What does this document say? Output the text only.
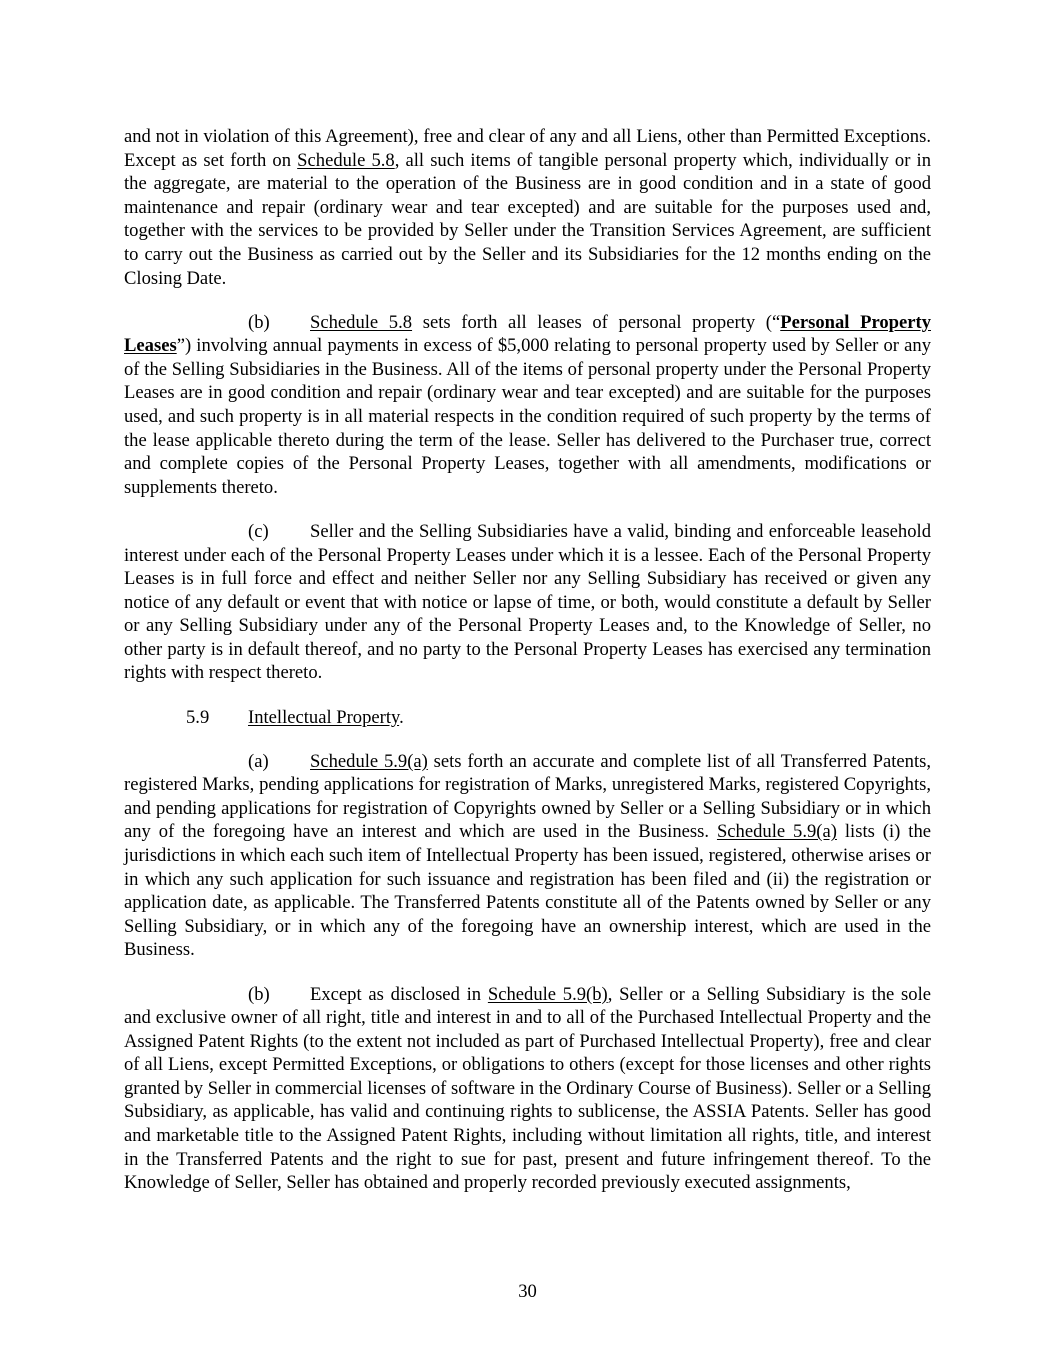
and not in violation of this Agreement), free and clear of any and all Liens, other than Permitted Exceptions. Except as set forth on Schedule 5.8, all such items of tangible personal property which, individually or in the aggregate, are material to the operation of the Business are in good condition and in a state of good maintenance and repair (ordinary wear and tear excepted) and are suitable for the purposes used and, together with the services to be provided by Seller under the Transition Services Agreement, are sufficient to carry out the Business as carried out by the Seller and its Subsidiaries for the 12 months ending on the Closing Date.

(b) Schedule 5.8 sets forth all leases of personal property (“Personal Property Leases”) involving annual payments in excess of $5,000 relating to personal property used by Seller or any of the Selling Subsidiaries in the Business. All of the items of personal property under the Personal Property Leases are in good condition and repair (ordinary wear and tear excepted) and are suitable for the purposes used, and such property is in all material respects in the condition required of such property by the terms of the lease applicable thereto during the term of the lease. Seller has delivered to the Purchaser true, correct and complete copies of the Personal Property Leases, together with all amendments, modifications or supplements thereto.

(c) Seller and the Selling Subsidiaries have a valid, binding and enforceable leasehold interest under each of the Personal Property Leases under which it is a lessee. Each of the Personal Property Leases is in full force and effect and neither Seller nor any Selling Subsidiary has received or given any notice of any default or event that with notice or lapse of time, or both, would constitute a default by Seller or any Selling Subsidiary under any of the Personal Property Leases and, to the Knowledge of Seller, no other party is in default thereof, and no party to the Personal Property Leases has exercised any termination rights with respect thereto.

5.9 Intellectual Property.

(a) Schedule 5.9(a) sets forth an accurate and complete list of all Transferred Patents, registered Marks, pending applications for registration of Marks, unregistered Marks, registered Copyrights, and pending applications for registration of Copyrights owned by Seller or a Selling Subsidiary or in which any of the foregoing have an interest and which are used in the Business. Schedule 5.9(a) lists (i) the jurisdictions in which each such item of Intellectual Property has been issued, registered, otherwise arises or in which any such application for such issuance and registration has been filed and (ii) the registration or application date, as applicable. The Transferred Patents constitute all of the Patents owned by Seller or any Selling Subsidiary, or in which any of the foregoing have an ownership interest, which are used in the Business.

(b) Except as disclosed in Schedule 5.9(b), Seller or a Selling Subsidiary is the sole and exclusive owner of all right, title and interest in and to all of the Purchased Intellectual Property and the Assigned Patent Rights (to the extent not included as part of Purchased Intellectual Property), free and clear of all Liens, except Permitted Exceptions, or obligations to others (except for those licenses and other rights granted by Seller in commercial licenses of software in the Ordinary Course of Business). Seller or a Selling Subsidiary, as applicable, has valid and continuing rights to sublicense, the ASSIA Patents. Seller has good and marketable title to the Assigned Patent Rights, including without limitation all rights, title, and interest in the Transferred Patents and the right to sue for past, present and future infringement thereof. To the Knowledge of Seller, Seller has obtained and properly recorded previously executed assignments,

30
